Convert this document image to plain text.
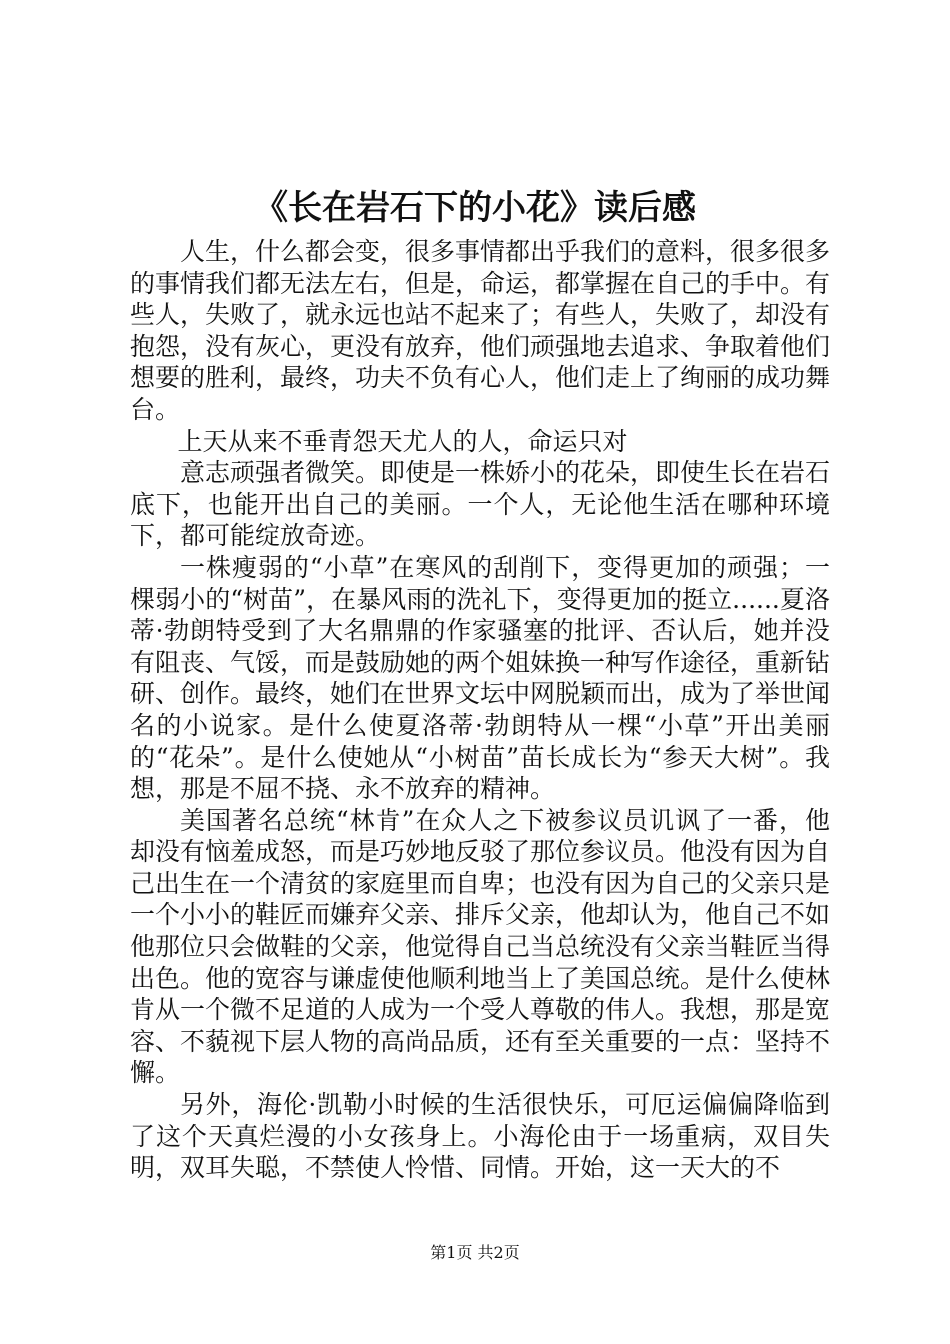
《长在岩石下的小花》读后感

人生，什么都会变，很多事情都出乎我们的意料，很多很多的事情我们都无法左右，但是，命运，都掌握在自己的手中。有些人，失败了，就永远也站不起来了；有些人，失败了，却没有抱怨，没有灰心，更没有放弃，他们顽强地去追求、争取着他们想要的胜利，最终，功夫不负有心人，他们走上了绚丽的成功舞台。

上天从来不垂青怨天尤人的人，命运只对

意志顽强者微笑。即使是一株娇小的花朵，即使生长在岩石底下，也能开出自己的美丽。一个人，无论他生活在哪种环境下，都可能绽放奇迹。

一株瘦弱的“小草”在寒风的刮削下，变得更加的顽强；一棵弱小的“树苗”，在暴风雨的洗礼下，变得更加的挺立......夏洛蒂·勃朗特受到了大名鼎鼎的作家骚塞的批评、否认后，她并没有阻丧、气馁，而是鼓励她的两个姐妹换一种写作途径，重新钻研、创作。最终，她们在世界文坛中网脱颖而出，成为了举世闻名的小说家。是什么使夏洛蒂·勃朗特从一棵“小草”开出美丽的“花朵”。是什么使她从“小树苗”苗长成长为“参天大树”。我想，那是不屈不挠、永不放弃的精神。

美国著名总统“林肯”在众人之下被参议员讥讽了一番，他却没有恼羞成怒，而是巧妙地反驳了那位参议员。他没有因为自己出生在一个清贫的家庭里而自卑；也没有因为自己的父亲只是一个小小的鞋匠而嫌弃父亲、排斥父亲，他却认为，他自己不如他那位只会做鞋的父亲，他觉得自己当总统没有父亲当鞋匠当得出色。他的宽容与谦虚使他顺利地当上了美国总统。是什么使林肯从一个微不足道的人成为一个受人尊敬的伟人。我想，那是宽容、不藐视下层人物的高尚品质，还有至关重要的一点：坚持不懈。

另外，海伦·凯勒小时候的生活很快乐，可厄运偏偏降临到了这个天真烂漫的小女孩身上。小海伦由于一场重病，双目失明，双耳失聪，不禁使人怜惜、同情。开始，这一天大的不

第1页 共2页
